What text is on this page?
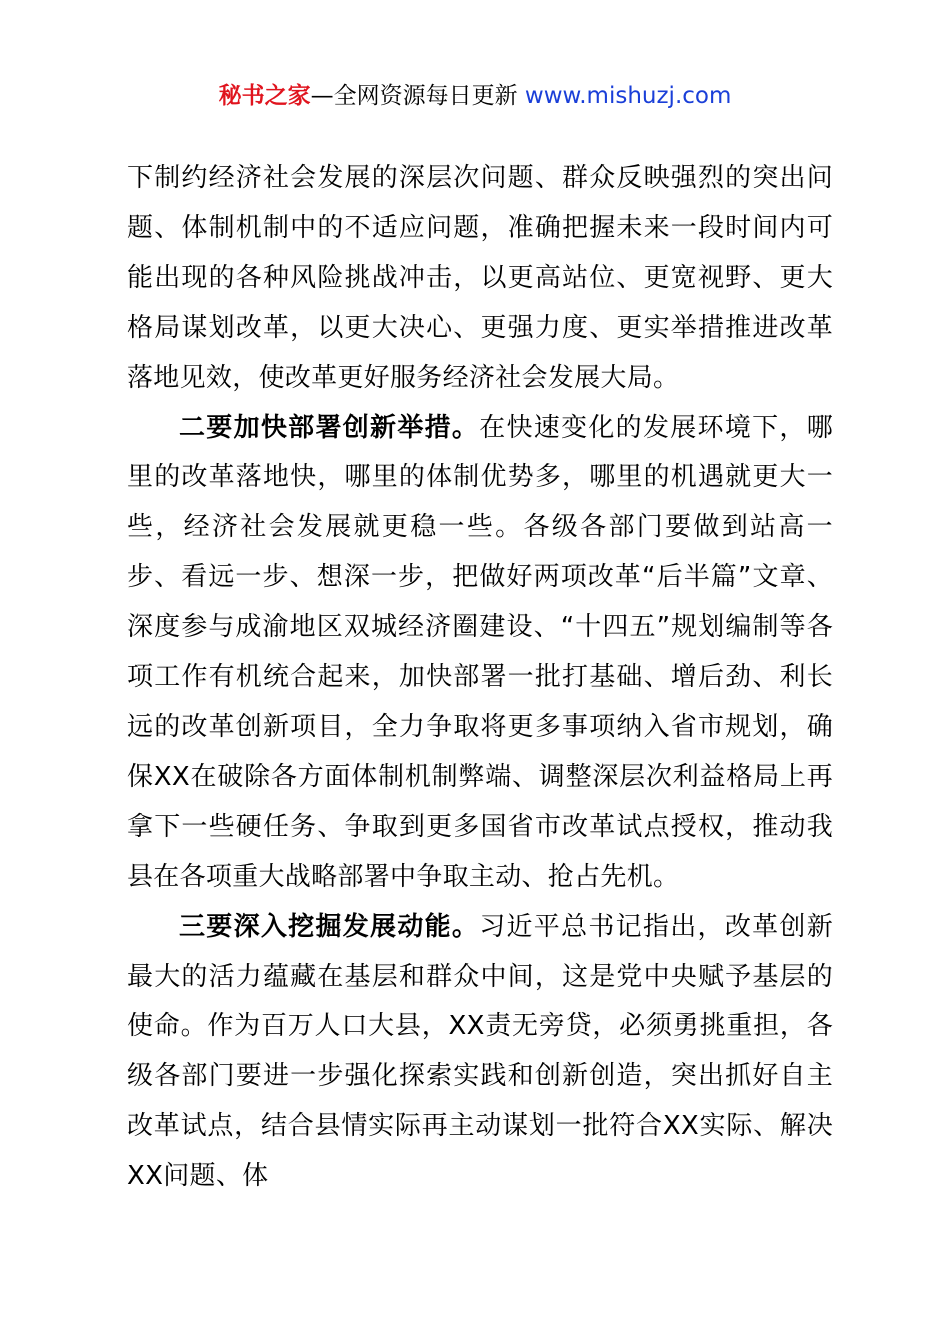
秘书之家—全网资源每日更新 www.mishuzj.com

下制约经济社会发展的深层次问题、群众反映强烈的突出问题、体制机制中的不适应问题，准确把握未来一段时间内可能出现的各种风险挑战冲击，以更高站位、更宽视野、更大格局谋划改革，以更大决心、更强力度、更实举措推进改革落地见效，使改革更好服务经济社会发展大局。

二要加快部署创新举措。在快速变化的发展环境下，哪里的改革落地快，哪里的体制优势多，哪里的机遇就更大一些，经济社会发展就更稳一些。各级各部门要做到站高一步、看远一步、想深一步，把做好两项改革“后半篇”文章、深度参与成渝地区双城经济圈建设、“十四五”规划编制等各项工作有机统合起来，加快部署一批打基础、增后劲、利长远的改革创新项目，全力争取将更多事项纳入省市规划，确保XX在破除各方面体制机制弊端、调整深层次利益格局上再拿下一些硬任务、争取到更多国省市改革试点授权，推动我县在各项重大战略部署中争取主动、抢占先机。

三要深入挖掘发展动能。习近平总书记指出，改革创新最大的活力蕴藏在基层和群众中间，这是党中央赋予基层的使命。作为百万人口大县，XX责无旁贷，必须勇挑重担，各级各部门要进一步强化探索实践和创新创造，突出抓好自主改革试点，结合县情实际再主动谋划一批符合XX实际、解决XX问题、体
